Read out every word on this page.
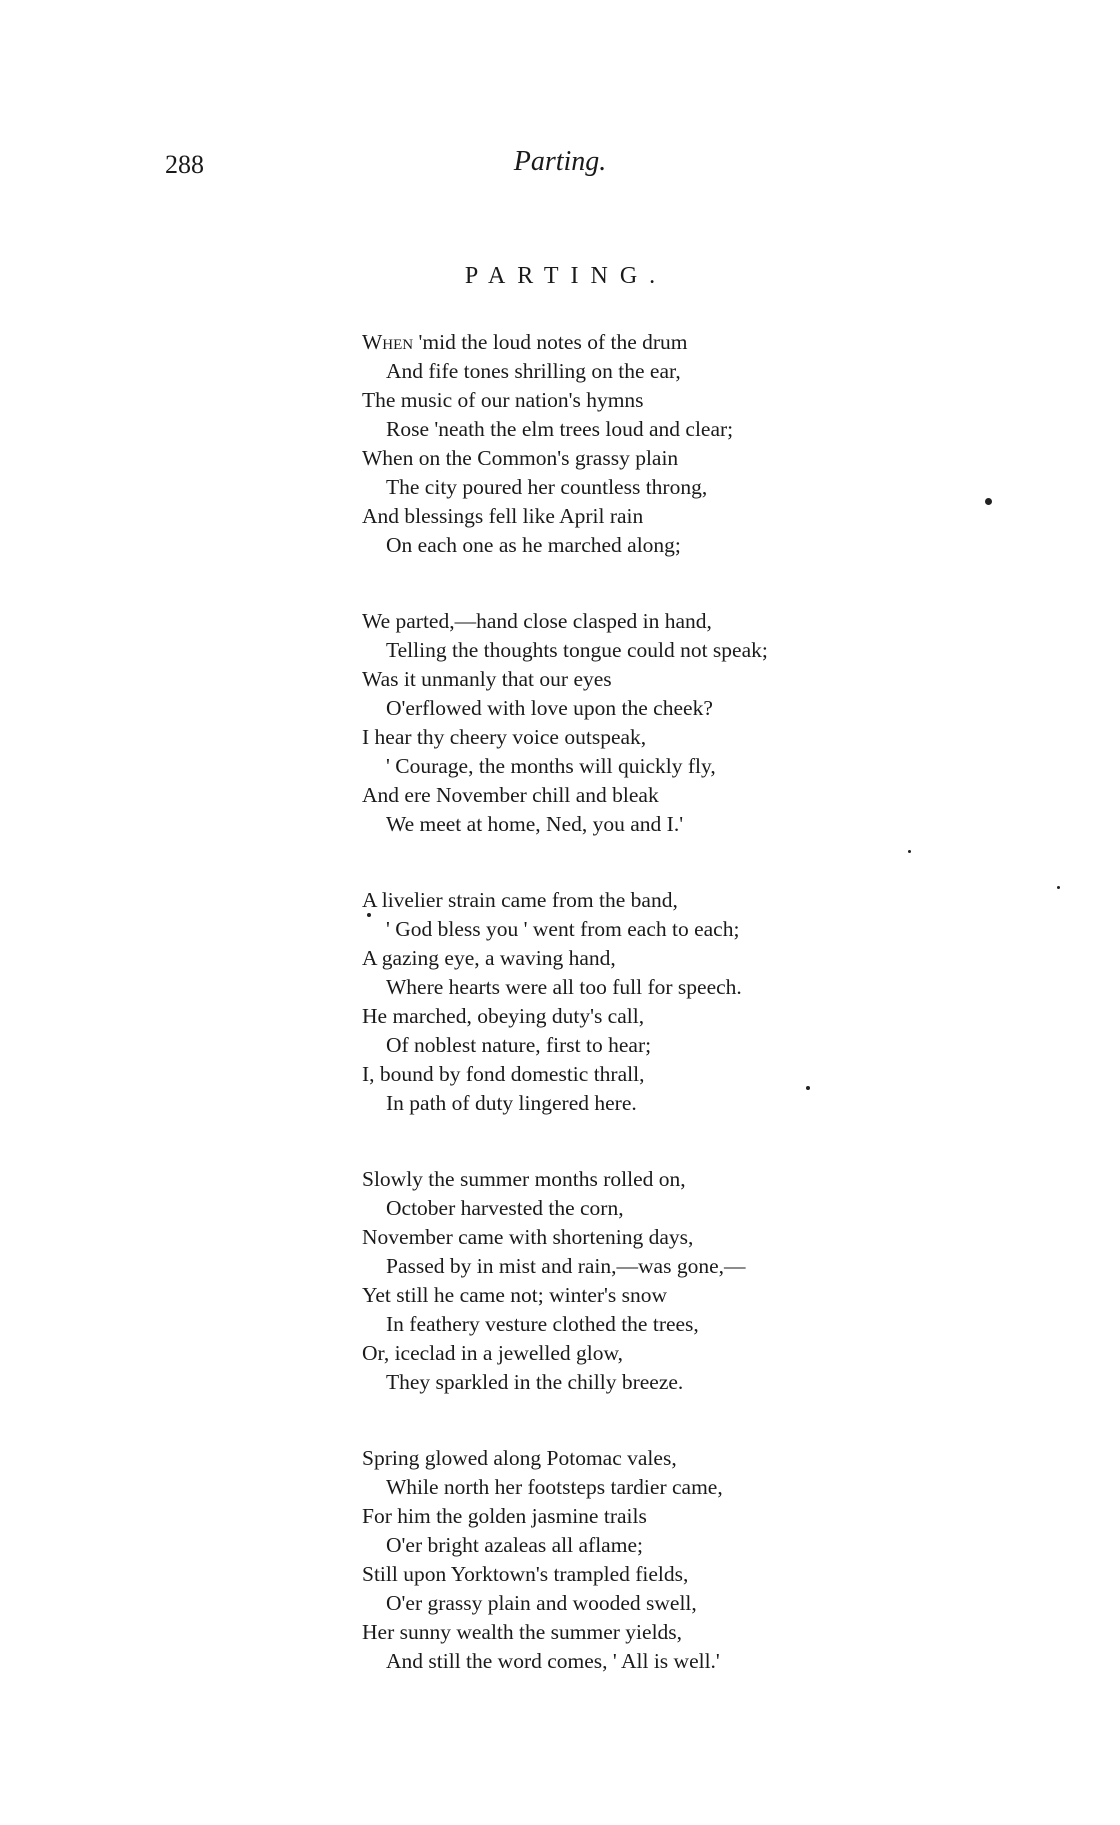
288	Parting.
PARTING.
When 'mid the loud notes of the drum
And fife tones shrilling on the ear,
The music of our nation's hymns
Rose 'neath the elm trees loud and clear;
When on the Common's grassy plain
The city poured her countless throng,
And blessings fell like April rain
On each one as he marched along;
We parted,—hand close clasped in hand,
Telling the thoughts tongue could not speak;
Was it unmanly that our eyes
O'erflowed with love upon the cheek?
I hear thy cheery voice outspeak,
' Courage, the months will quickly fly,
And ere November chill and bleak
We meet at home, Ned, you and I.'
A livelier strain came from the band,
' God bless you ' went from each to each;
A gazing eye, a waving hand,
Where hearts were all too full for speech.
He marched, obeying duty's call,
Of noblest nature, first to hear;
I, bound by fond domestic thrall,
In path of duty lingered here.
Slowly the summer months rolled on,
October harvested the corn,
November came with shortening days,
Passed by in mist and rain,—was gone,—
Yet still he came not; winter's snow
In feathery vesture clothed the trees,
Or, iceclad in a jewelled glow,
They sparkled in the chilly breeze.
Spring glowed along Potomac vales,
While north her footsteps tardier came,
For him the golden jasmine trails
O'er bright azaleas all aflame;
Still upon Yorktown's trampled fields,
O'er grassy plain and wooded swell,
Her sunny wealth the summer yields,
And still the word comes, ' All is well.'
